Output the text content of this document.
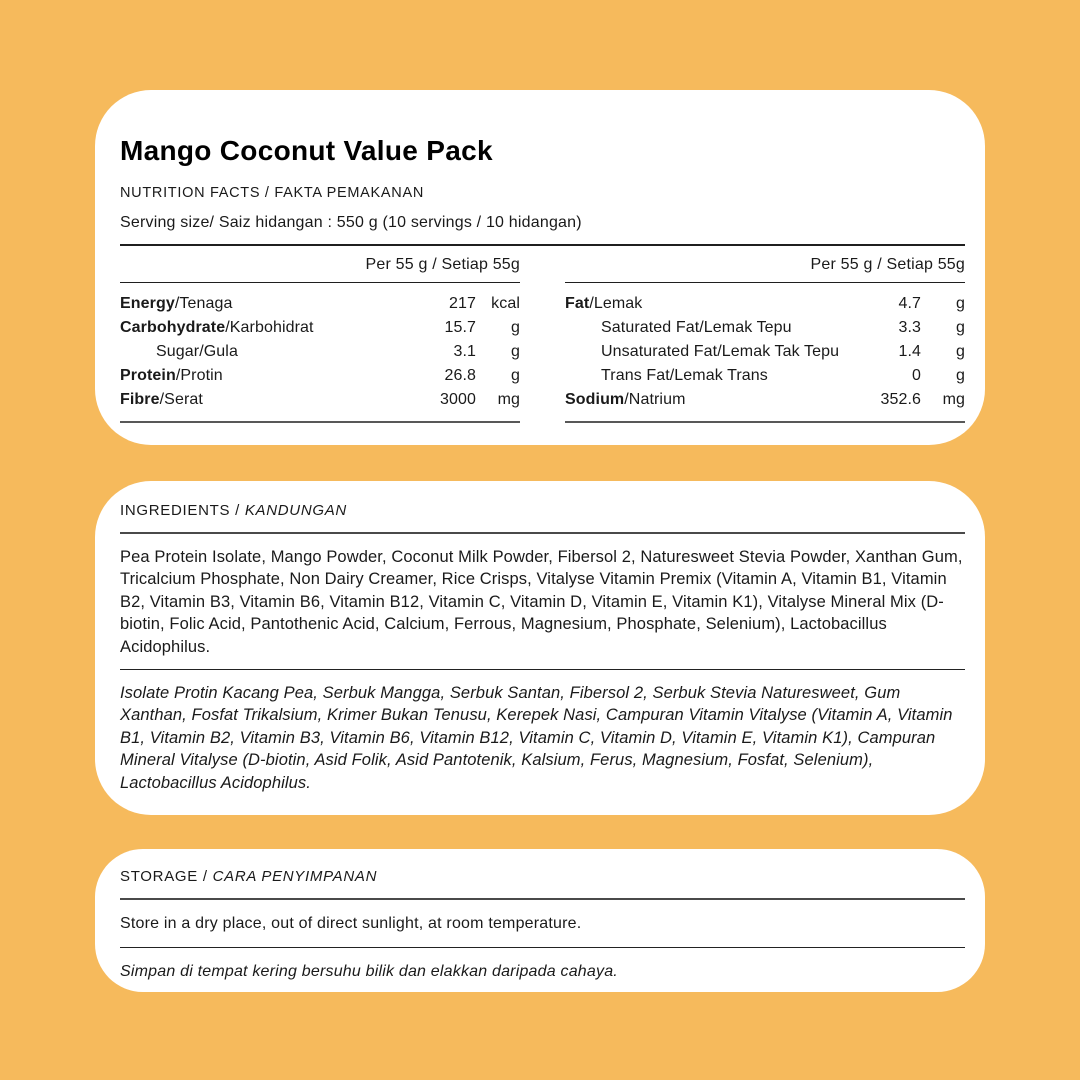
Mango Coconut Value Pack
NUTRITION FACTS / FAKTA PEMAKANAN
Serving size/ Saiz hidangan : 550 g (10 servings / 10 hidangan)
Per 55 g / Setiap 55g
Energy/Tenaga	217 kcal
Carbohydrate/Karbohidrat	15.7	g
Sugar/Gula	3.1	g
Protein/Protin	26.8	g
Fibre/Serat	3000	mg
Per 55 g / Setiap 55g
Fat/Lemak	4.7	g
Saturated Fat/Lemak Tepu	3.3	g
Unsaturated Fat/Lemak Tak Tepu	1.4	g
Trans Fat/Lemak Trans	0	g
Sodium/Natrium	352.6	mg
INGREDIENTS / KANDUNGAN

Pea Protein Isolate, Mango Powder, Coconut Milk Powder, Fibersol 2, Naturesweet Stevia Powder, Xanthan Gum, Tricalcium Phosphate, Non Dairy Creamer, Rice Crisps, Vitalyse Vitamin Premix (Vitamin A, Vitamin B1, Vitamin B2, Vitamin B3, Vitamin B6, Vitamin B12, Vitamin C, Vitamin D, Vitamin E, Vitamin K1), Vitalyse Mineral Mix (D-biotin, Folic Acid, Pantothenic Acid, Calcium, Ferrous, Magnesium, Phosphate, Selenium), Lactobacillus Acidophilus.

Isolate Protin Kacang Pea, Serbuk Mangga, Serbuk Santan, Fibersol 2, Serbuk Stevia Naturesweet, Gum Xanthan, Fosfat Trikalsium, Krimer Bukan Tenusu, Kerepek Nasi, Campuran Vitamin Vitalyse (Vitamin A, Vitamin B1, Vitamin B2, Vitamin B3, Vitamin B6, Vitamin B12, Vitamin C, Vitamin D, Vitamin E, Vitamin K1), Campuran Mineral Vitalyse (D-biotin, Asid Folik, Asid Pantotenik, Kalsium, Ferus, Magnesium, Fosfat, Selenium), Lactobacillus Acidophilus.

STORAGE / CARA PENYIMPANAN
Store in a dry place, out of direct sunlight, at room temperature.
Simpan di tempat kering bersuhu bilik dan elakkan daripada cahaya.
